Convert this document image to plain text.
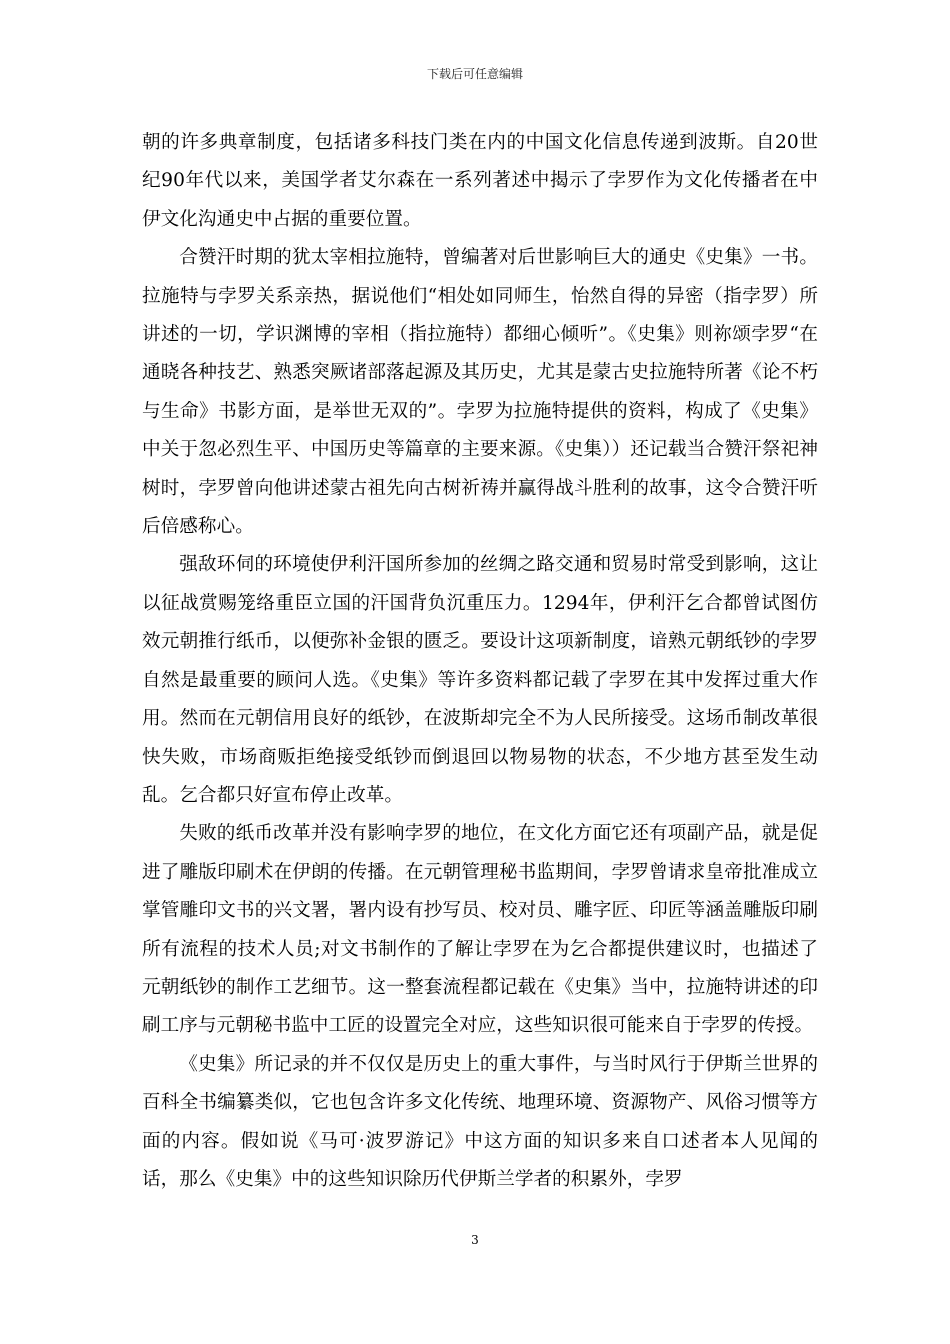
下载后可任意编辑

朝的许多典章制度，包括诸多科技门类在内的中国文化信息传递到波斯。自20世纪90年代以来，美国学者艾尔森在一系列著述中揭示了孛罗作为文化传播者在中伊文化沟通史中占据的重要位置。

合赞汗时期的犹太宰相拉施特，曾编著对后世影响巨大的通史《史集》一书。拉施特与孛罗关系亲热，据说他们“相处如同师生，怡然自得的异密（指孛罗）所讲述的一切，学识渊博的宰相（指拉施特）都细心倾听”。《史集》则祢颂孛罗“在通晓各种技艺、熟悉突厥诸部落起源及其历史，尤其是蒙古史拉施特所著《论不朽与生命》书影方面，是举世无双的”。孛罗为拉施特提供的资料，构成了《史集》中关于忽必烈生平、中国历史等篇章的主要来源。《史集））还记载当合赞汗祭祀神树时，孛罗曾向他讲述蒙古祖先向古树祈祷并赢得战斗胜利的故事，这令合赞汗听后倍感称心。

强敌环伺的环境使伊利汗国所参加的丝绸之路交通和贸易时常受到影响，这让以征战赏赐笼络重臣立国的汗国背负沉重压力。1294年，伊利汗乞合都曾试图仿效元朝推行纸币，以便弥补金银的匮乏。要设计这项新制度，谙熟元朝纸钞的孛罗自然是最重要的顾问人选。《史集》等许多资料都记载了孛罗在其中发挥过重大作用。然而在元朝信用良好的纸钞，在波斯却完全不为人民所接受。这场币制改革很快失败，市场商贩拒绝接受纸钞而倒退回以物易物的状态，不少地方甚至发生动乱。乞合都只好宣布停止改革。

失败的纸币改革并没有影响孛罗的地位，在文化方面它还有项副产品，就是促进了雕版印刷术在伊朗的传播。在元朝管理秘书监期间，孛罗曾请求皇帝批准成立掌管雕印文书的兴文署，署内设有抄写员、校对员、雕字匠、印匠等涵盖雕版印刷所有流程的技术人员;对文书制作的了解让孛罗在为乞合都提供建议时，也描述了元朝纸钞的制作工艺细节。这一整套流程都记载在《史集》当中，拉施特讲述的印刷工序与元朝秘书监中工匠的设置完全对应，这些知识很可能来自于孛罗的传授。

《史集》所记录的并不仅仅是历史上的重大事件，与当时风行于伊斯兰世界的百科全书编纂类似，它也包含许多文化传统、地理环境、资源物产、风俗习惯等方面的内容。假如说《马可·波罗游记》中这方面的知识多来自口述者本人见闻的话，那么《史集》中的这些知识除历代伊斯兰学者的积累外，孛罗

3
